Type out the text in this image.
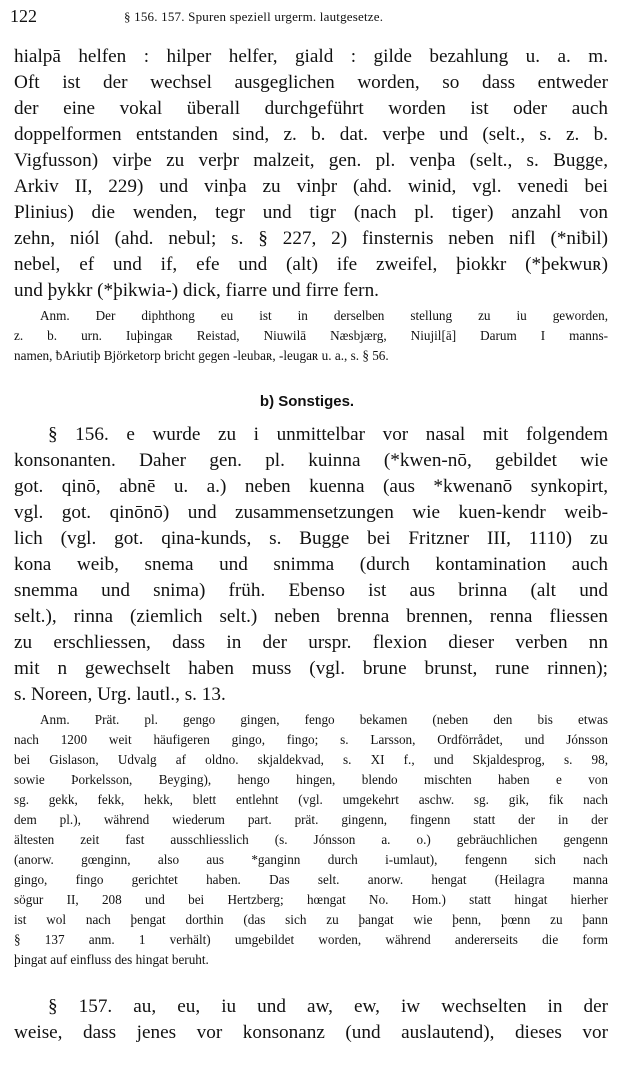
122	§ 156. 157. Spuren speziell urgerm. lautgesetze.
hialpā helfen : hilper helfer, giald : gilde bezahlung u. a. m.
Oft ist der wechsel ausgeglichen worden, so dass entweder
der eine vokal überall durchgeführt worden ist oder auch
doppelformen entstanden sind, z. b. dat. verþe und (selt., s. z. b.
Vigfusson) virþe zu verþr malzeit, gen. pl. venþa (selt., s. Bugge,
Arkiv II, 229) und vinþa zu vinþr (ahd. winid, vgl. venedi bei
Plinius) die wenden, tegr und tigr (nach pl. tiger) anzahl von
zehn, niól (ahd. nebul; s. § 227, 2) finsternis neben nifl (*niƀil)
nebel, ef und if, efe und (alt) ife zweifel, þiokkr (*þekwuʀ)
und þykkr (*þikwia-) dick, fiarre und firre fern.
Anm. Der diphthong eu ist in derselben stellung zu iu geworden,
z. b. urn. Iuþingaʀ Reistad, Niuwilā Næsbjærg, Niujil[ā] Darum I manns-
namen, ƀAriutiþ Björketorp bricht gegen -leubaʀ, -leugaʀ u. a., s. § 56.
b) Sonstiges.
§ 156. e wurde zu i unmittelbar vor nasal mit folgendem
konsonanten. Daher gen. pl. kuinna (*kwen-nō, gebildet wie
got. qinō, abnē u. a.) neben kuenna (aus *kwenanō synkopirt,
vgl. got. qinōnō) und zusammensetzungen wie kuen-kendr weib-
lich (vgl. got. qina-kunds, s. Bugge bei Fritzner III, 1110) zu
kona weib, snema und snimma (durch kontamination auch
snemma und snima) früh. Ebenso ist aus brinna (alt und
selt.), rinna (ziemlich selt.) neben brenna brennen, renna fliessen
zu erschliessen, dass in der urspr. flexion dieser verben nn
mit n gewechselt haben muss (vgl. brune brunst, rune rinnen);
s. Noreen, Urg. lautl., s. 13.
Anm. Prät. pl. gengo gingen, fengo bekamen (neben den bis etwas
nach 1200 weit häufigeren gingo, fingo; s. Larsson, Ordförrådet, und Jónsson
bei Gislason, Udvalg af oldno. skjaldekvad, s. XI f., und Skjaldesprog, s. 98,
sowie Þorkelsson, Beyging), hengo hingen, blendo mischten haben e von
sg. gekk, fekk, hekk, blett entlehnt (vgl. umgekehrt aschw. sg. gik, fik nach
dem pl.), während wiederum part. prät. gingenn, fingenn statt der in der
ältesten zeit fast ausschliesslich (s. Jónsson a. o.) gebräuchlichen gengenn
(anorw. gœnginn, also aus *ganginn durch i-umlaut), fengenn sich nach
gingo, fingo gerichtet haben. Das selt. anorw. hengat (Heilagra manna
sögur II, 208 und bei Hertzberg; hœngat No. Hom.) statt hingat hierher
ist wol nach þengat dorthin (das sich zu þangat wie þenn, þœnn zu þann
§ 137 anm. 1 verhält) umgebildet worden, während andererseits die form
þingat auf einfluss des hingat beruht.
§ 157. au, eu, iu und aw, ew, iw wechselten in der
weise, dass jenes vor konsonanz (und auslautend), dieses vor
